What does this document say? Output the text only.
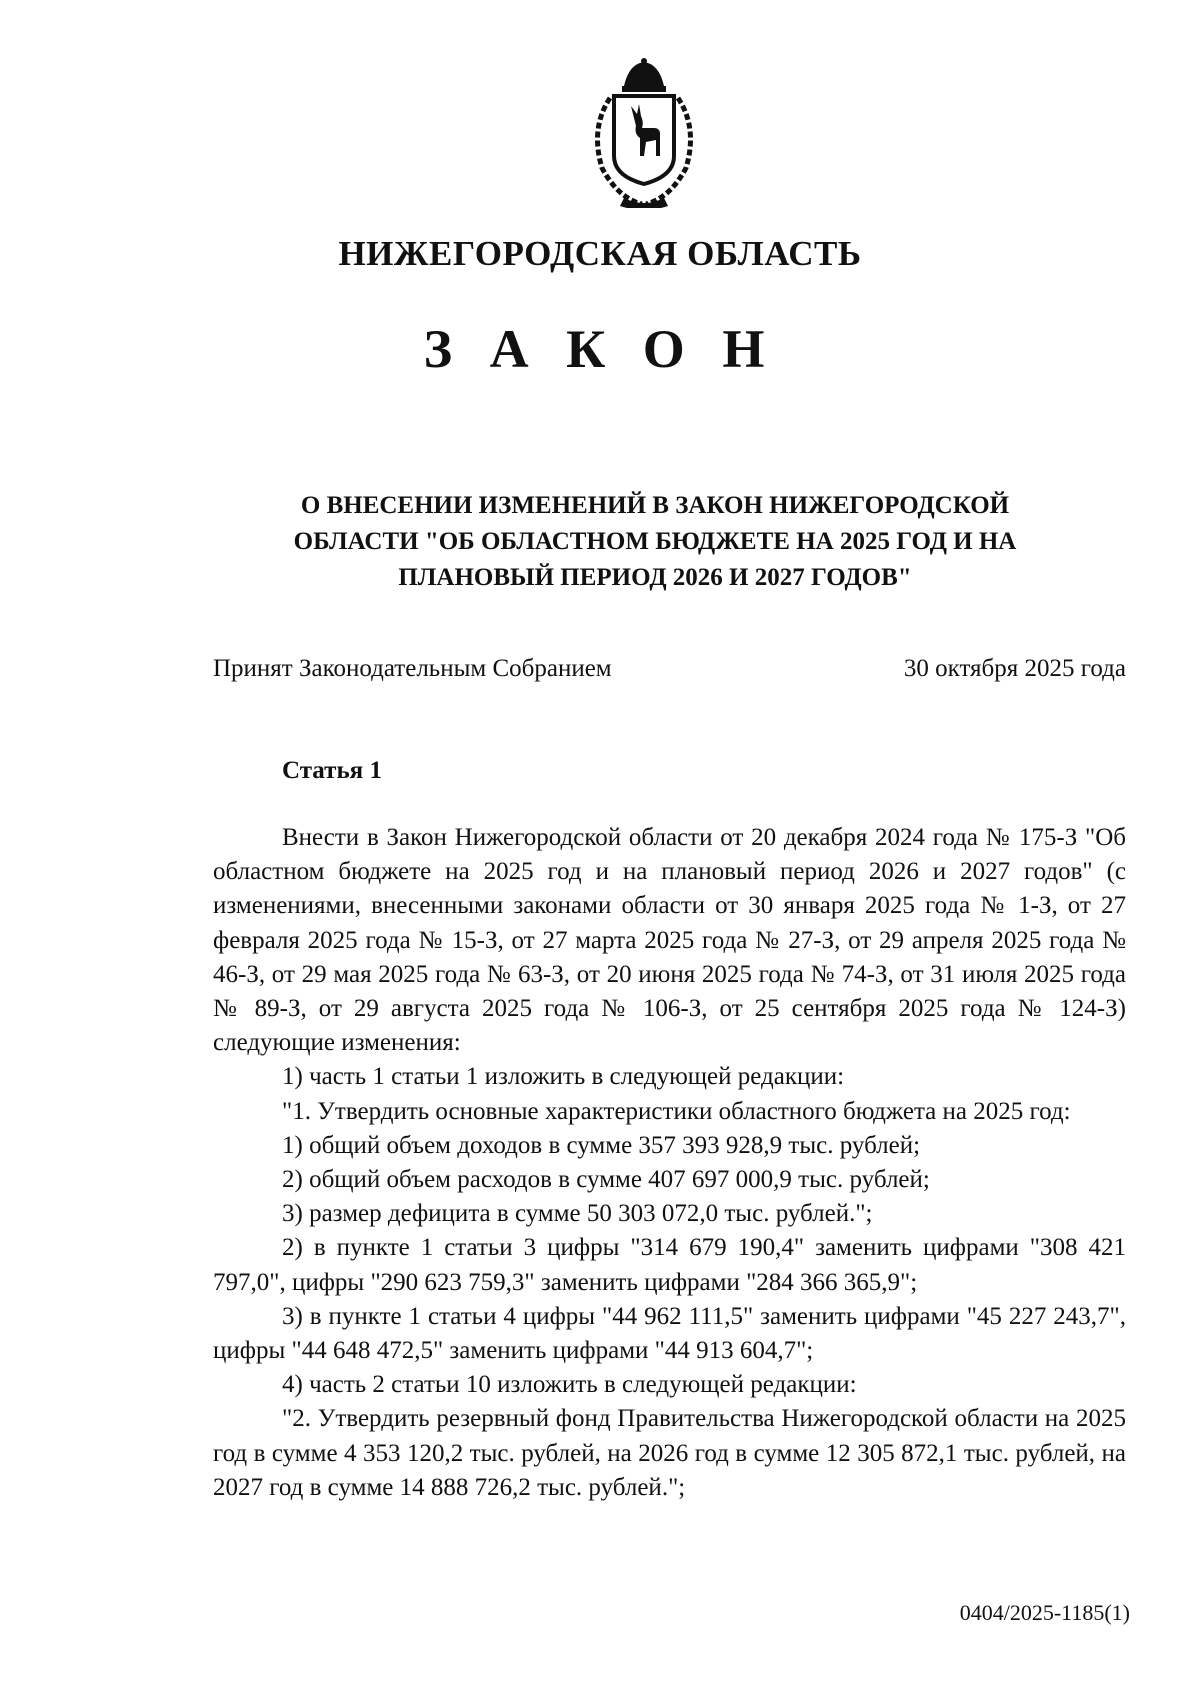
НИЖЕГОРОДСКАЯ ОБЛАСТЬ
З А К О Н
О ВНЕСЕНИИ ИЗМЕНЕНИЙ В ЗАКОН НИЖЕГОРОДСКОЙ
ОБЛАСТИ "ОБ ОБЛАСТНОМ БЮДЖЕТЕ НА 2025 ГОД И НА
ПЛАНОВЫЙ ПЕРИОД 2026 И 2027 ГОДОВ"
Принят Законодательным Собранием	30 октября 2025 года
Статья 1

Внести в Закон Нижегородской области от 20 декабря 2024 года № 175-З "Об областном бюджете на 2025 год и на плановый период 2026 и 2027 годов" (с изменениями, внесенными законами области от 30 января 2025 года № 1-З, от 27 февраля 2025 года № 15-З, от 27 марта 2025 года № 27-З, от 29 апреля 2025 года № 46-З, от 29 мая 2025 года № 63-З, от 20 июня 2025 года № 74-З, от 31 июля 2025 года № 89-З, от 29 августа 2025 года № 106-З, от 25 сентября 2025 года № 124-З) следующие изменения:

1) часть 1 статьи 1 изложить в следующей редакции:

"1. Утвердить основные характеристики областного бюджета на 2025 год:

1) общий объем доходов в сумме 357 393 928,9 тыс. рублей;

2) общий объем расходов в сумме 407 697 000,9 тыс. рублей;

3) размер дефицита в сумме 50 303 072,0 тыс. рублей.";

2) в пункте 1 статьи 3 цифры "314 679 190,4" заменить цифрами "308 421 797,0", цифры "290 623 759,3" заменить цифрами "284 366 365,9";

3) в пункте 1 статьи 4 цифры "44 962 111,5" заменить цифрами "45 227 243,7", цифры "44 648 472,5" заменить цифрами "44 913 604,7";

4) часть 2 статьи 10 изложить в следующей редакции:

"2. Утвердить резервный фонд Правительства Нижегородской области на 2025 год в сумме 4 353 120,2 тыс. рублей, на 2026 год в сумме 12 305 872,1 тыс. рублей, на 2027 год в сумме 14 888 726,2 тыс. рублей.";

0404/2025-1185(1)
